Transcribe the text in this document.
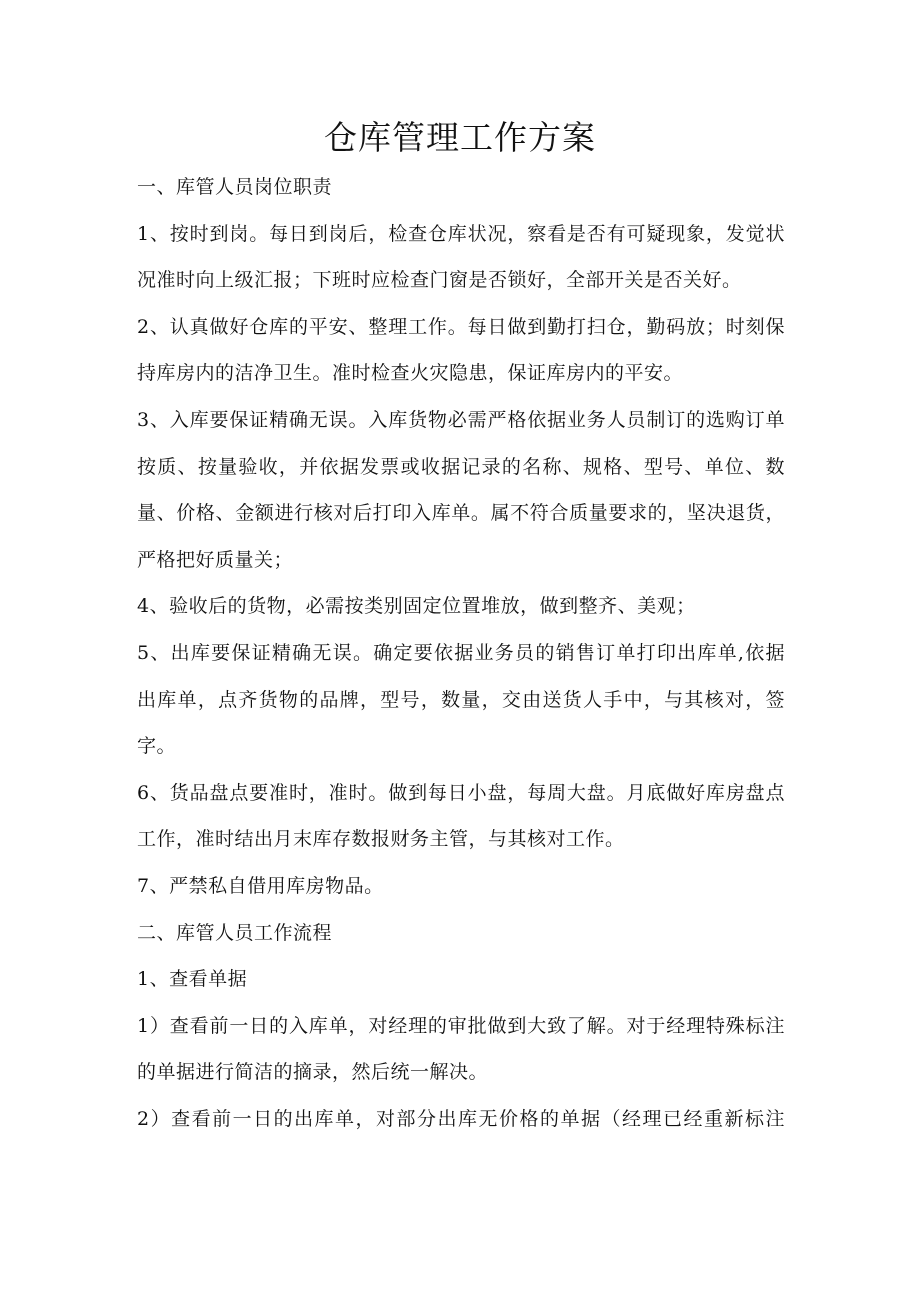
仓库管理工作方案
一、库管人员岗位职责
1、按时到岗。每日到岗后，检查仓库状况，察看是否有可疑现象，发觉状
况准时向上级汇报；下班时应检查门窗是否锁好，全部开关是否关好。
2、认真做好仓库的平安、整理工作。每日做到勤打扫仓，勤码放；时刻保
持库房内的洁净卫生。准时检查火灾隐患，保证库房内的平安。
3、入库要保证精确无误。入库货物必需严格依据业务人员制订的选购订单
按质、按量验收，并依据发票或收据记录的名称、规格、型号、单位、数
量、价格、金额进行核对后打印入库单。属不符合质量要求的，坚决退货，
严格把好质量关；
4、验收后的货物，必需按类别固定位置堆放，做到整齐、美观；
5、出库要保证精确无误。确定要依据业务员的销售订单打印出库单,依据
出库单，点齐货物的品牌，型号，数量，交由送货人手中，与其核对，签
字。
6、货品盘点要准时，准时。做到每日小盘，每周大盘。月底做好库房盘点
工作，准时结出月末库存数报财务主管，与其核对工作。
7、严禁私自借用库房物品。
二、库管人员工作流程
1、查看单据
1）查看前一日的入库单，对经理的审批做到大致了解。对于经理特殊标注
的单据进行简洁的摘录，然后统一解决。
2）查看前一日的出库单，对部分出库无价格的单据（经理已经重新标注
